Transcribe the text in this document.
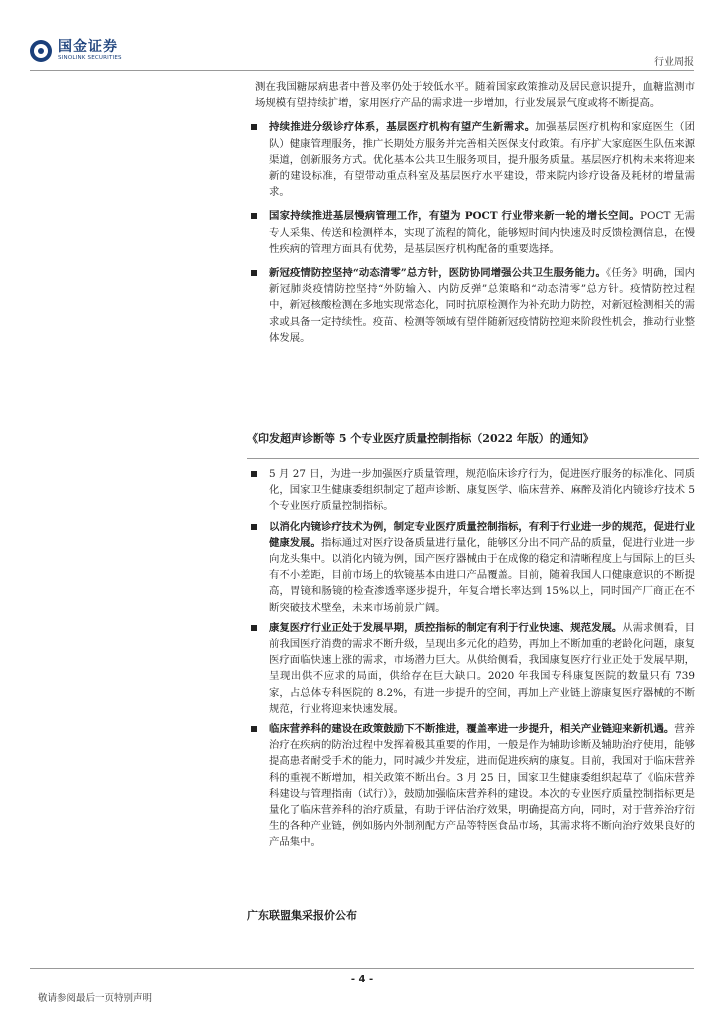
国金证券
SINOLINK SECURITIES	行业周报

测在我国糖尿病患者中普及率仍处于较低水平。随着国家政策推动及居民意识提升，血糖监测市场规模有望持续扩增，家用医疗产品的需求进一步增加，行业发展景气度或将不断提高。

持续推进分级诊疗体系，基层医疗机构有望产生新需求。加强基层医疗机构和家庭医生（团队）健康管理服务，推广长期处方服务并完善相关医保支付政策。有序扩大家庭医生队伍来源渠道，创新服务方式。优化基本公共卫生服务项目，提升服务质量。基层医疗机构未来将迎来新的建设标准，有望带动重点科室及基层医疗水平建设，带来院内诊疗设备及耗材的增量需求。

国家持续推进基层慢病管理工作，有望为 POCT 行业带来新一轮的增长空间。POCT 无需专人采集、传送和检测样本，实现了流程的简化，能够短时间内快速及时反馈检测信息，在慢性疾病的管理方面具有优势，是基层医疗机构配备的重要选择。

新冠疫情防控坚持“动态清零”总方针，医防协同增强公共卫生服务能力。《任务》明确，国内新冠肺炎疫情防控坚持“外防输入、内防反弹”总策略和“动态清零”总方针。疫情防控过程中，新冠核酸检测在多地实现常态化，同时抗原检测作为补充助力防控，对新冠检测相关的需求或具备一定持续性。疫苗、检测等领域有望伴随新冠疫情防控迎来阶段性机会，推动行业整体发展。

《印发超声诊断等 5 个专业医疗质量控制指标（2022 年版）的通知》

5 月 27 日，为进一步加强医疗质量管理，规范临床诊疗行为，促进医疗服务的标准化、同质化，国家卫生健康委组织制定了超声诊断、康复医学、临床营养、麻醉及消化内镜诊疗技术 5 个专业医疗质量控制指标。

以消化内镜诊疗技术为例，制定专业医疗质量控制指标，有利于行业进一步的规范，促进行业健康发展。指标通过对医疗设备质量进行量化，能够区分出不同产品的质量，促进行业进一步向龙头集中。以消化内镜为例，国产医疗器械由于在成像的稳定和清晰程度上与国际上的巨头有不小差距，目前市场上的软镜基本由进口产品覆盖。目前，随着我国人口健康意识的不断提高，胃镜和肠镜的检查渗透率逐步提升，年复合增长率达到 15%以上，同时国产厂商正在不断突破技术壁垒，未来市场前景广阔。

康复医疗行业正处于发展早期，质控指标的制定有利于行业快速、规范发展。从需求侧看，目前我国医疗消费的需求不断升级，呈现出多元化的趋势，再加上不断加重的老龄化问题，康复医疗面临快速上涨的需求，市场潜力巨大。从供给侧看，我国康复医疗行业正处于发展早期，呈现出供不应求的局面，供给存在巨大缺口。2020 年我国专科康复医院的数量只有 739 家，占总体专科医院的 8.2%，有进一步提升的空间，再加上产业链上游康复医疗器械的不断规范，行业将迎来快速发展。

临床营养科的建设在政策鼓励下不断推进，覆盖率进一步提升，相关产业链迎来新机遇。营养治疗在疾病的防治过程中发挥着极其重要的作用，一般是作为辅助诊断及辅助治疗使用，能够提高患者耐受手术的能力，同时减少并发症，进而促进疾病的康复。目前，我国对于临床营养科的重视不断增加，相关政策不断出台。3 月 25 日，国家卫生健康委组织起草了《临床营养科建设与管理指南（试行）》，鼓励加强临床营养科的建设。本次的专业医疗质量控制指标更是量化了临床营养科的治疗质量，有助于评估治疗效果，明确提高方向，同时，对于营养治疗衍生的各种产业链，例如肠内外制剂配方产品等特医食品市场，其需求将不断向治疗效果良好的产品集中。

广东联盟集采报价公布
- 4 -
敬请参阅最后一页特别声明
